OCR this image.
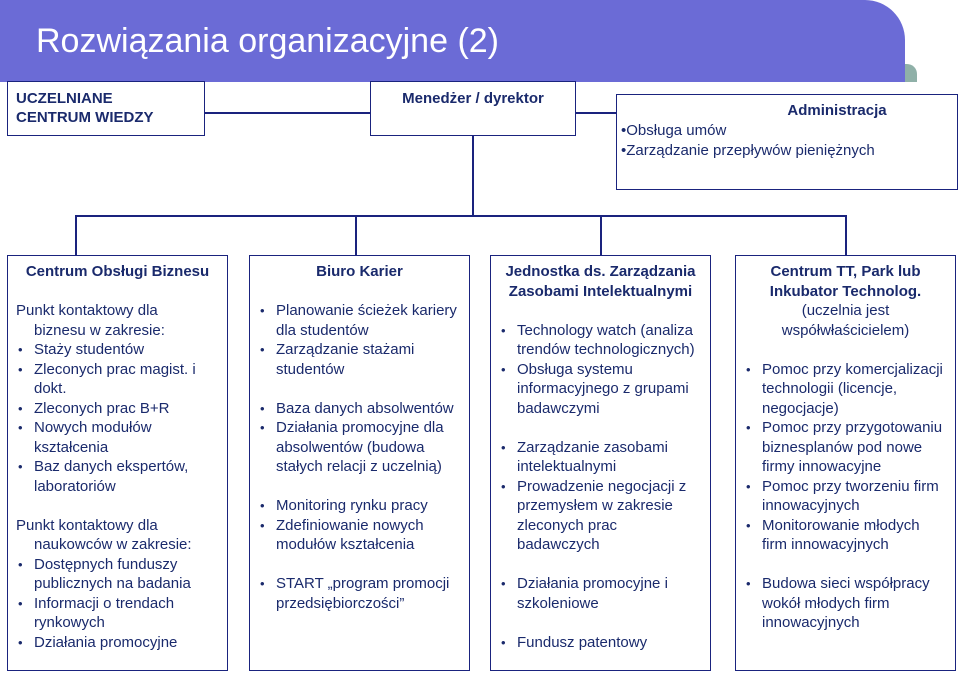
Rozwiązania organizacyjne (2)
UCZELNIANE
CENTRUM WIEDZY
Menedżer / dyrektor
Administracja
•Obsługa umów
•Zarządzanie przepływów pieniężnych
Centrum Obsługi Biznesu

Punkt kontaktowy dla

biznesu w zakresie:

• Staży studentów
• Zleconych prac magist. i dokt.
• Zleconych prac B+R
• Nowych modułów kształcenia
• Baz danych ekspertów, laboratoriów

Punkt kontaktowy dla

naukowców w zakresie:

• Dostępnych funduszy publicznych na badania
• Informacji o trendach rynkowych
• Działania promocyjne
Biuro Karier
• Planowanie ścieżek kariery dla studentów
• Zarządzanie stażami studentów
• Baza danych absolwentów
• Działania promocyjne dla absolwentów (budowa stałych relacji z uczelnią)
• Monitoring rynku pracy
• Zdefiniowanie nowych modułów kształcenia
• START „program promocji przedsiębiorczości”
Jednostka ds. Zarządzania Zasobami Intelektualnymi
• Technology watch (analiza trendów technologicznych)
• Obsługa systemu informacyjnego z grupami badawczymi
• Zarządzanie zasobami intelektualnymi
• Prowadzenie negocjacji z przemysłem w zakresie zleconych prac badawczych
• Działania promocyjne i szkoleniowe
• Fundusz patentowy
Centrum TT, Park lub Inkubator Technolog.
(uczelnia jest współwłaścicielem)
• Pomoc przy komercjalizacji technologii (licencje, negocjacje)
• Pomoc przy przygotowaniu biznesplanów pod nowe firmy innowacyjne
• Pomoc przy tworzeniu firm innowacyjnych
• Monitorowanie młodych firm innowacyjnych
• Budowa sieci współpracy wokół młodych firm innowacyjnych
